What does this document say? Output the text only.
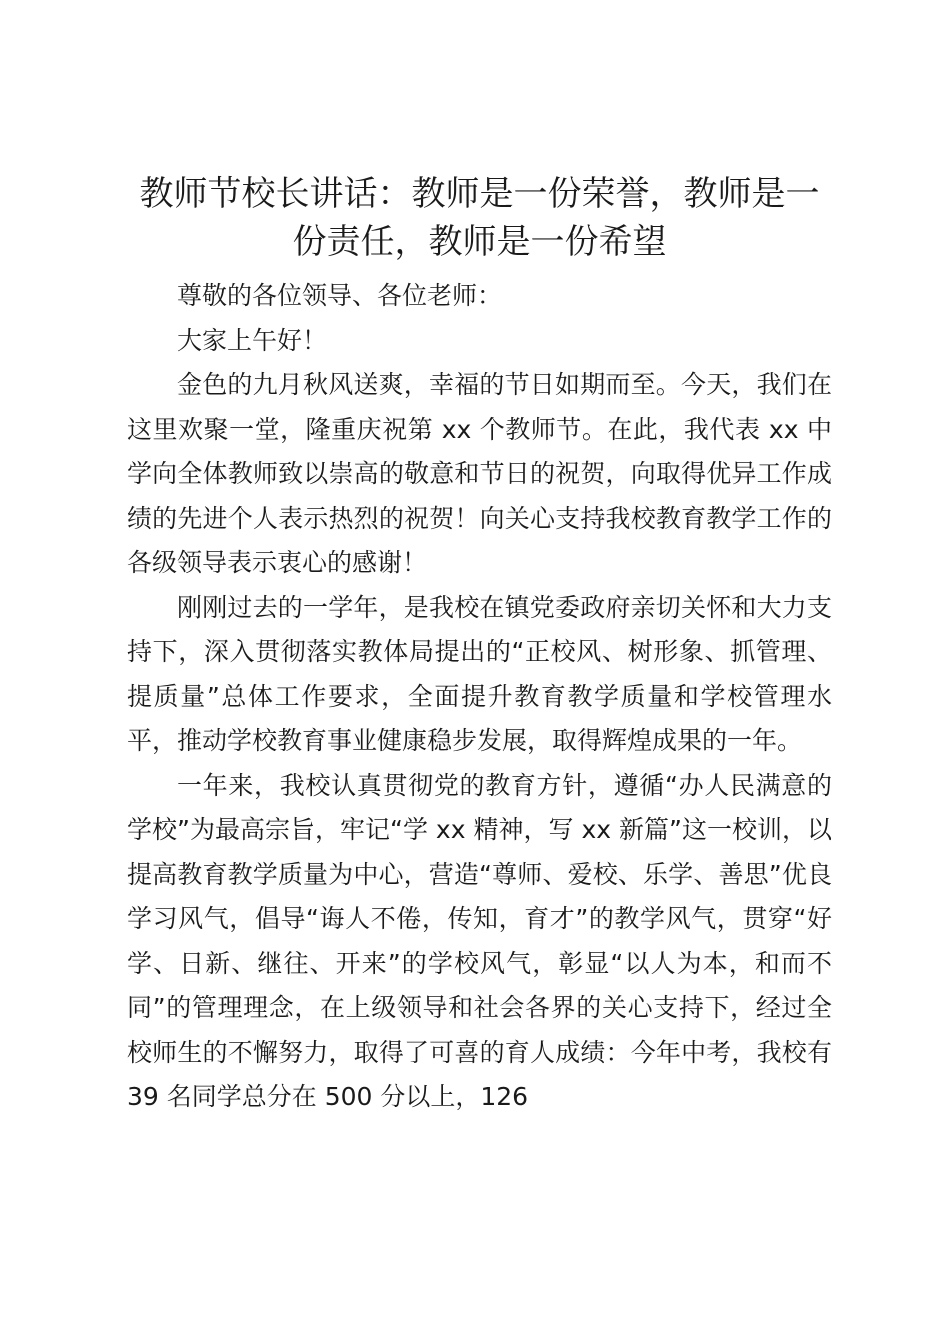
教师节校长讲话：教师是一份荣誉，教师是一份责任，教师是一份希望

尊敬的各位领导、各位老师：

大家上午好！

金色的九月秋风送爽，幸福的节日如期而至。今天，我们在这里欢聚一堂，隆重庆祝第 xx 个教师节。在此，我代表 xx 中学向全体教师致以崇高的敬意和节日的祝贺，向取得优异工作成绩的先进个人表示热烈的祝贺！向关心支持我校教育教学工作的各级领导表示衷心的感谢！

刚刚过去的一学年，是我校在镇党委政府亲切关怀和大力支持下，深入贯彻落实教体局提出的“正校风、树形象、抓管理、提质量”总体工作要求，全面提升教育教学质量和学校管理水平，推动学校教育事业健康稳步发展，取得辉煌成果的一年。

一年来，我校认真贯彻党的教育方针，遵循“办人民满意的学校”为最高宗旨，牢记“学 xx 精神，写 xx 新篇”这一校训，以提高教育教学质量为中心，营造“尊师、爱校、乐学、善思”优良学习风气，倡导“诲人不倦，传知，育才”的教学风气，贯穿“好学、日新、继往、开来”的学校风气，彰显“以人为本，和而不同”的管理理念，在上级领导和社会各界的关心支持下，经过全校师生的不懈努力，取得了可喜的育人成绩：今年中考，我校有 39 名同学总分在 500 分以上，126
